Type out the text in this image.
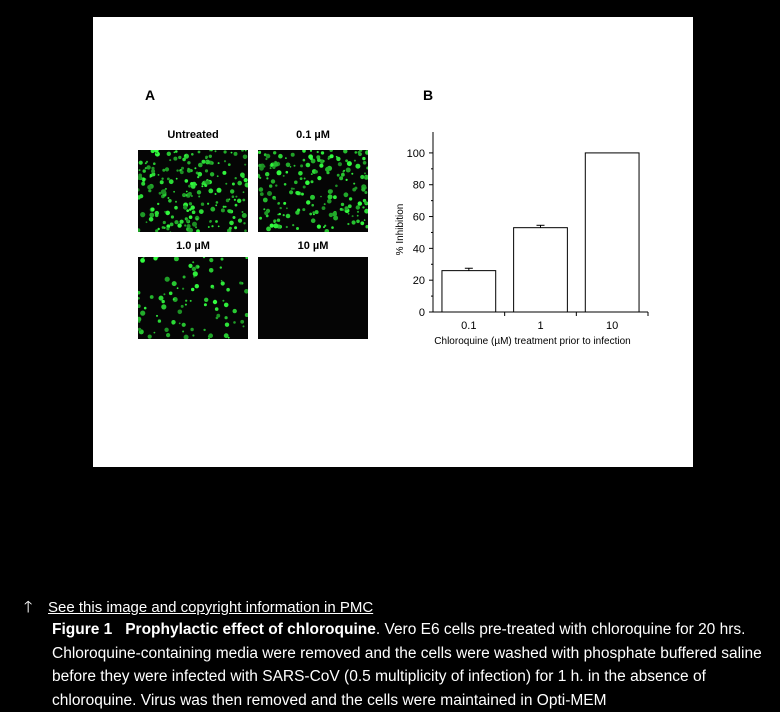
A	B
Untreated	0.1 µM
1.0 µM	10 µM
0
20
40
60
80
100
0.1	1	10
Chloroquine (µM) treatment prior to infection
% Inhibition
🡑	See this image and copyright information in PMC
Figure 1 Prophylactic effect of chloroquine. Vero E6 cells pre-treated with chloroquine for 20 hrs. Chloroquine-containing media were removed and the cells were washed with phosphate buffered saline before they were infected with SARS-CoV (0.5 multiplicity of infection) for 1 h. in the absence of chloroquine. Virus was then removed and the cells were maintained in Opti-MEM
